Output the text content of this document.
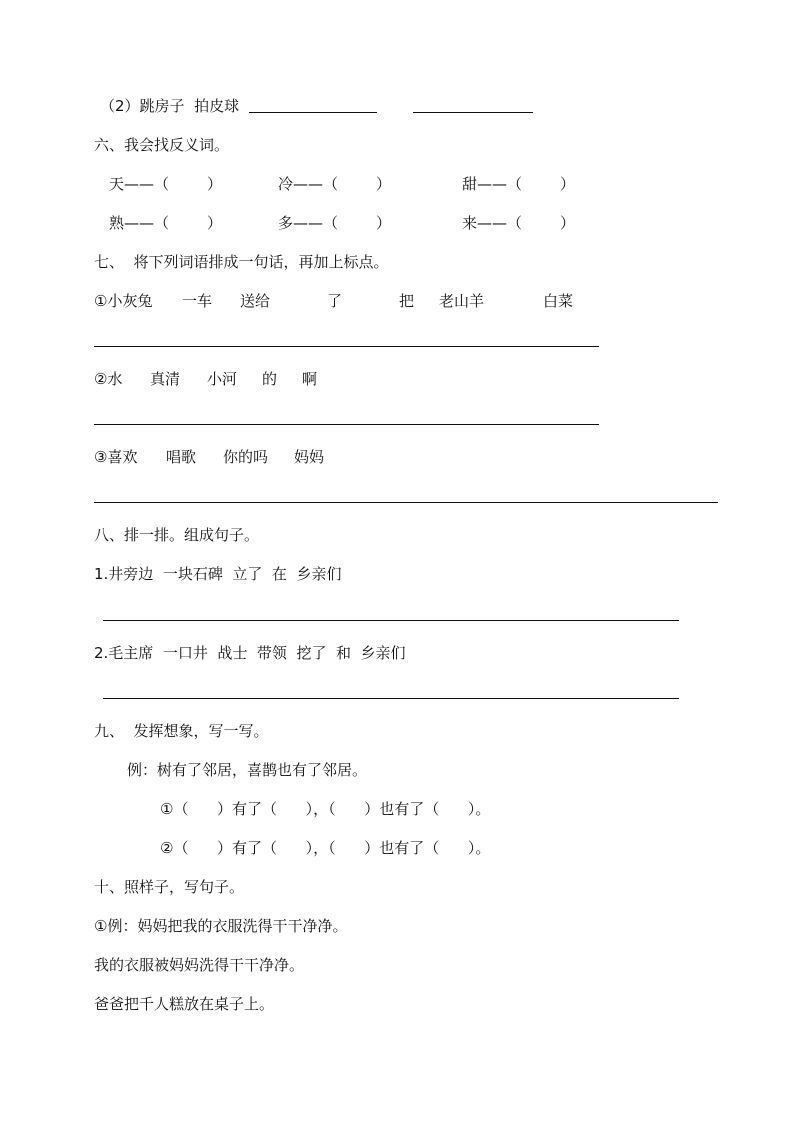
（2）跳房子  拍皮球
六、我会找反义词。
天——（	）	冷——（	）	甜——（	）
熟——（	）	多——（	）	来——（	）
七、  将下列词语排成一句话，再加上标点。
①小灰兔 一车 送给	了	把 老山羊	白菜
②水 真清 小河 的 啊
③喜欢 唱歌 你的吗 妈妈
八、排一排。组成句子。
1.井旁边  一块石碑  立了  在  乡亲们
2.毛主席  一口井  战士  带领  挖了  和  乡亲们
九、  发挥想象，写一写。
例：树有了邻居，喜鹊也有了邻居。
①（      ）有了（      ），（      ）也有了（      ）。
②（      ）有了（      ），（      ）也有了（      ）。
十、照样子，写句子。
①例：妈妈把我的衣服洗得干干净净。
我的衣服被妈妈洗得干干净净。
爸爸把千人糕放在桌子上。
